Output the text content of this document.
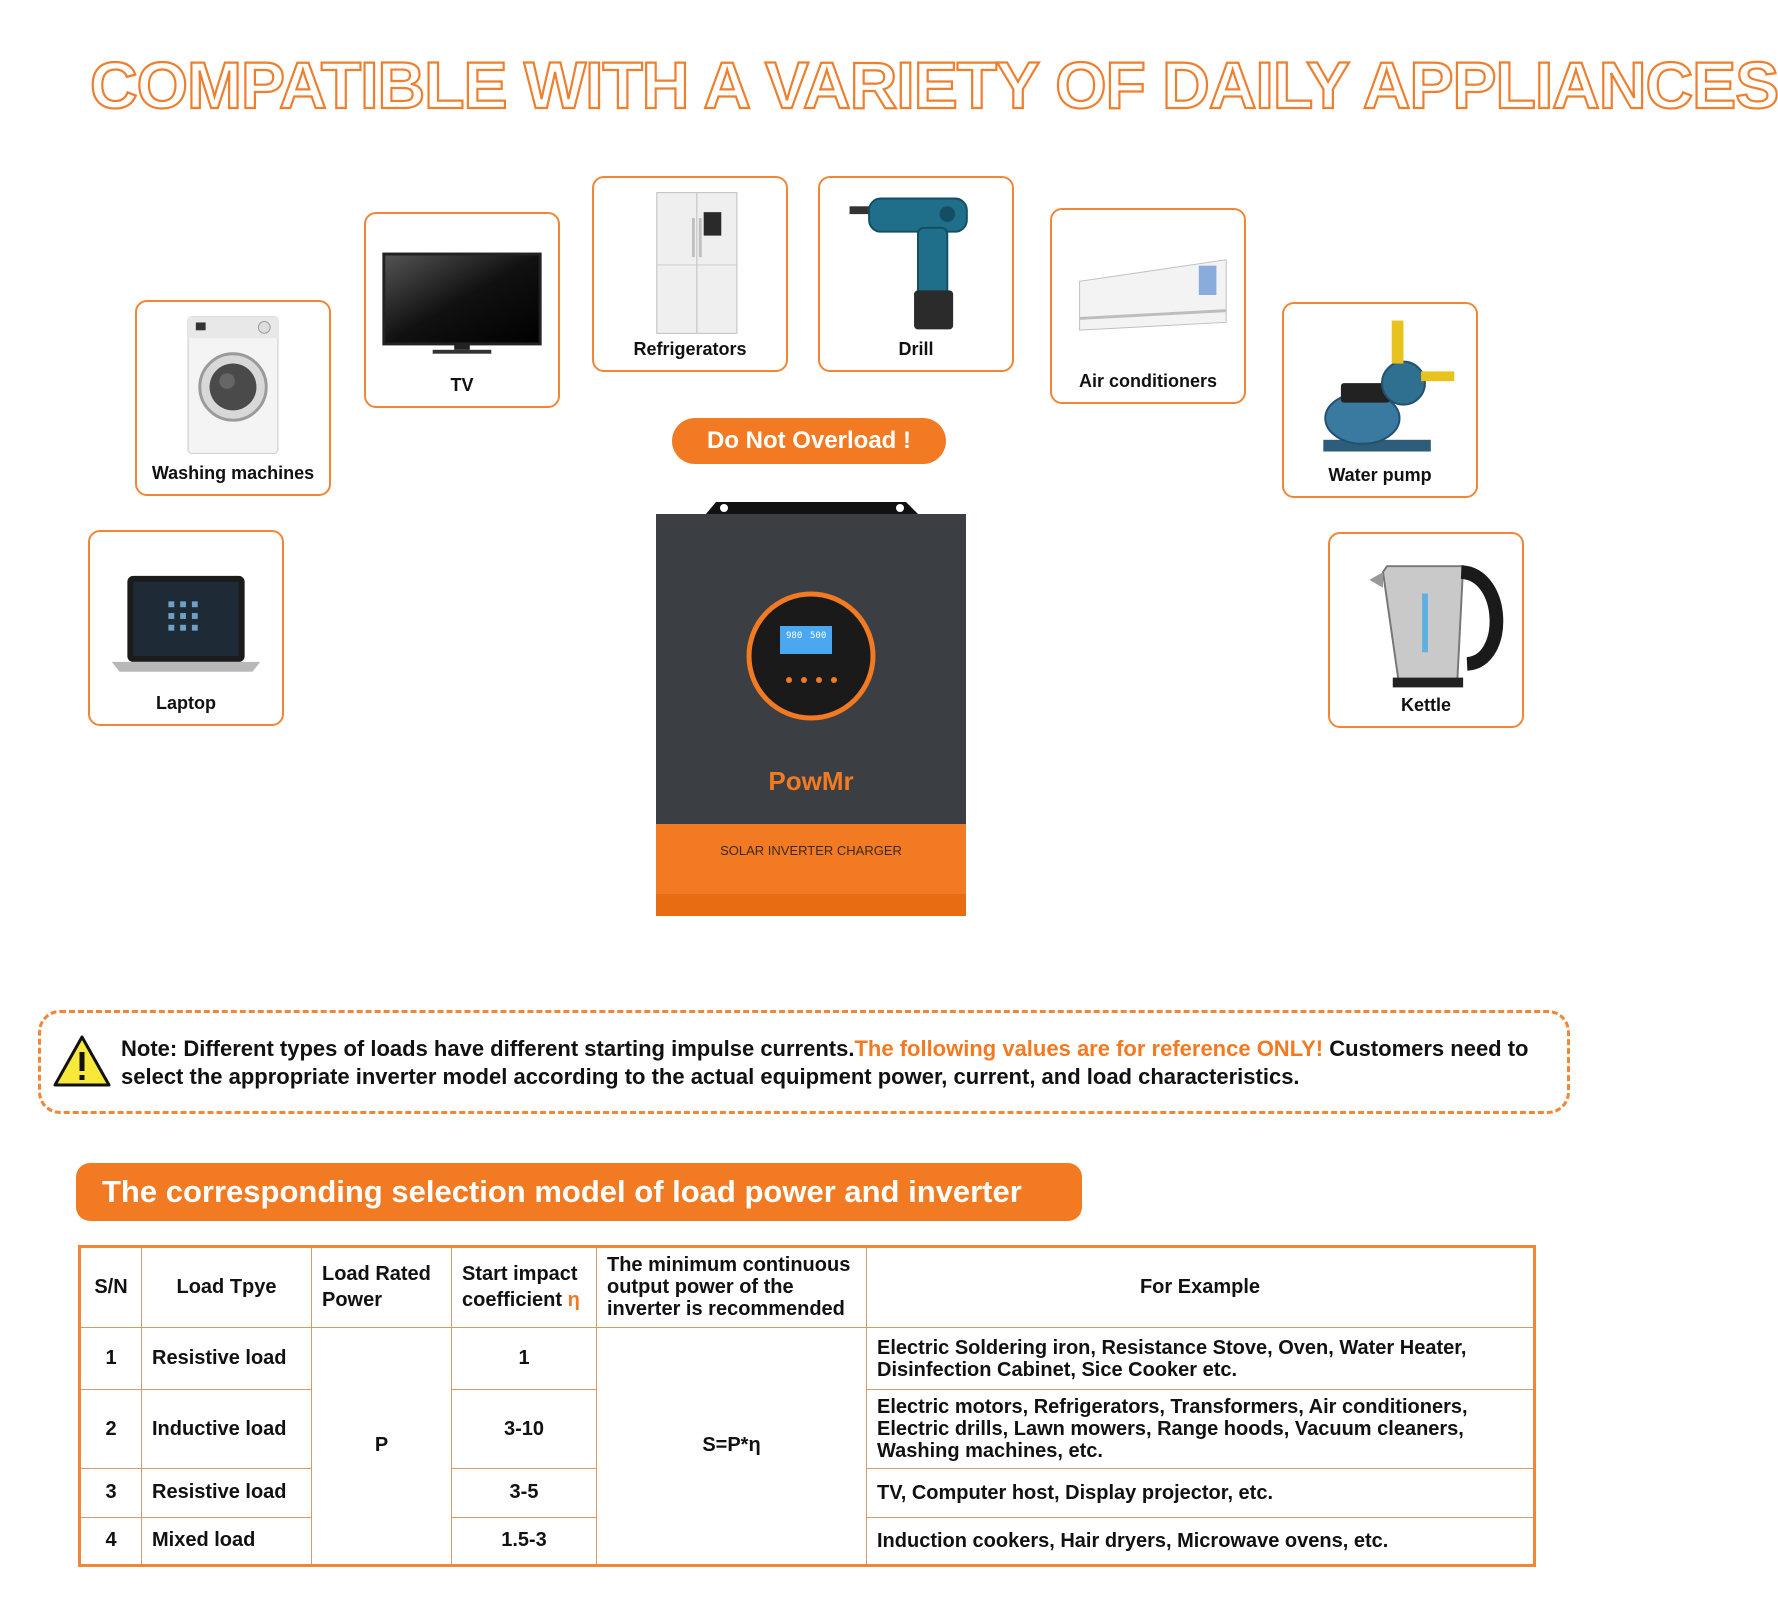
COMPATIBLE WITH A VARIETY OF DAILY APPLIANCES
Washing machines
TV
Refrigerators	Drill
Air conditioners
Water pump
Laptop	Kettle
Do Not Overload !
980 500
PowMr
SOLAR INVERTER CHARGER
Note: Different types of loads have different starting impulse currents.The following values are for reference ONLY! Customers need to select the appropriate inverter model according to the actual equipment power, current, and load characteristics.
The corresponding selection model of load power and inverter
S/N	Load Tpye	Load Rated Power	Start impact coefficient η	The minimum continuous output power of the inverter is recommended	For Example
1	Resistive load	P	1	S=P*η	Electric Soldering iron, Resistance Stove, Oven, Water Heater, Disinfection Cabinet, Sice Cooker etc.
2	Inductive load		3-10		Electric motors, Refrigerators, Transformers, Air conditioners, Electric drills, Lawn mowers, Range hoods, Vacuum cleaners, Washing machines, etc.
3	Resistive load		3-5		TV, Computer host, Display projector, etc.
4	Mixed load		1.5-3		Induction cookers, Hair dryers, Microwave ovens, etc.
